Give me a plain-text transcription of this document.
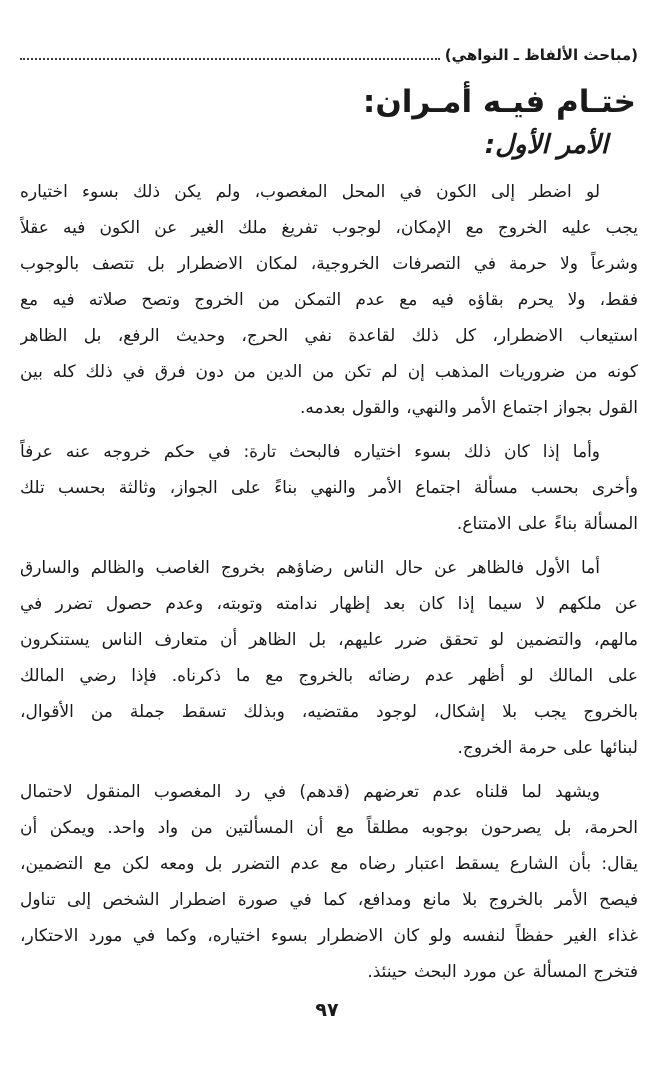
(مباحث الألفاظ ـ النواهي)
ختـام فيـه أمـران:
الأمر الأول:
لو اضطر إلى الكون في المحل المغصوب، ولم يكن ذلك بسوء اختياره
يجب عليه الخروج مع الإمكان، لوجوب تفريغ ملك الغير عن الكون فيه عقلاً
وشرعاً ولا حرمة في التصرفات الخروجية، لمكان الاضطرار بل تتصف بالوجوب
فقط، ولا يحرم بقاؤه فيه مع عدم التمكن من الخروج وتصح صلاته فيه مع
استيعاب الاضطرار، كل ذلك لقاعدة نفي الحرج، وحديث الرفع، بل الظاهر
كونه من ضروريات المذهب إن لم تكن من الدين من دون فرق في ذلك كله بين
القول بجواز اجتماع الأمر والنهي، والقول بعدمه.
وأما إذا كان ذلك بسوء اختياره فالبحث تارة: في حكم خروجه عنه عرفاً
وأخرى بحسب مسألة اجتماع الأمر والنهي بناءً على الجواز، وثالثة بحسب تلك
المسألة بناءً على الامتناع.
أما الأول فالظاهر عن حال الناس رضاؤهم بخروج الغاصب والظالم والسارق
عن ملكهم لا سيما إذا كان بعد إظهار ندامته وتوبته، وعدم حصول تضرر في
مالهم، والتضمين لو تحقق ضرر عليهم، بل الظاهر أن متعارف الناس يستنكرون
على المالك لو أظهر عدم رضائه بالخروج مع ما ذكرناه. فإذا رضي المالك
بالخروج يجب بلا إشكال، لوجود مقتضيه، وبذلك تسقط جملة من الأقوال،
لبنائها على حرمة الخروج.
ويشهد لما قلناه عدم تعرضهم (قدهم) في رد المغصوب المنقول لاحتمال
الحرمة، بل يصرحون بوجوبه مطلقاً مع أن المسألتين من واد واحد. ويمكن أن
يقال: بأن الشارع يسقط اعتبار رضاه مع عدم التضرر بل ومعه لكن مع التضمين،
فيصح الأمر بالخروج بلا مانع ومدافع، كما في صورة اضطرار الشخص إلى تناول
غذاء الغير حفظاً لنفسه ولو كان الاضطرار بسوء اختياره، وكما في مورد الاحتكار،
فتخرج المسألة عن مورد البحث حينئذ.
٩٧
